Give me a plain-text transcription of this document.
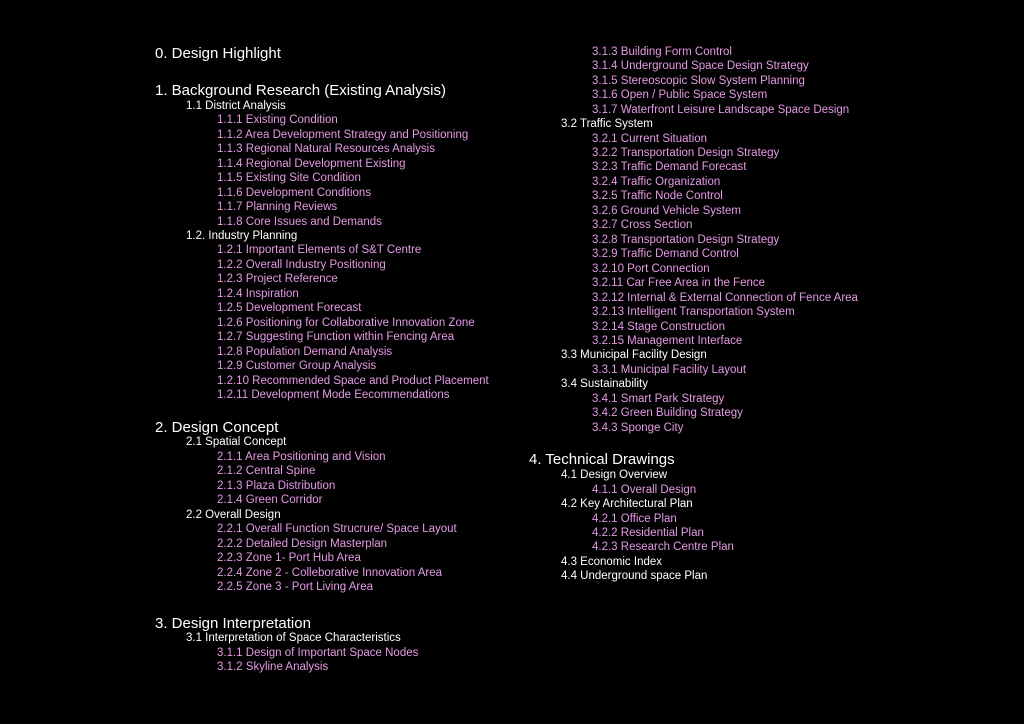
0. Design Highlight
1. Background Research (Existing Analysis)
1.1 District Analysis
1.1.1 Existing Condition
1.1.2 Area Development Strategy and Positioning
1.1.3 Regional Natural Resources Analysis
1.1.4 Regional Development Existing
1.1.5 Existing Site Condition
1.1.6 Development Conditions
1.1.7 Planning Reviews
1.1.8 Core Issues and Demands
1.2. Industry Planning
1.2.1 Important Elements of S&T Centre
1.2.2 Overall Industry Positioning
1.2.3 Project Reference
1.2.4 Inspiration
1.2.5 Development Forecast
1.2.6 Positioning for Collaborative Innovation Zone
1.2.7 Suggesting Function within Fencing Area
1.2.8 Population Demand Analysis
1.2.9 Customer Group Analysis
1.2.10 Recommended Space and Product Placement
1.2.11 Development Mode Eecommendations
2. Design Concept
2.1 Spatial Concept
2.1.1 Area Positioning and Vision
2.1.2 Central Spine
2.1.3 Plaza Distribution
2.1.4 Green Corridor
2.2 Overall Design
2.2.1 Overall Function Strucrure/ Space Layout
2.2.2 Detailed Design Masterplan
2.2.3 Zone 1- Port Hub Area
2.2.4 Zone 2 - Colleborative Innovation Area
2.2.5 Zone 3 - Port Living Area
3. Design Interpretation
3.1 Interpretation of Space Characteristics
3.1.1 Design of Important Space Nodes
3.1.2 Skyline Analysis
3.1.3 Building Form Control
3.1.4 Underground Space Design Strategy
3.1.5 Stereoscopic Slow System Planning
3.1.6 Open / Public Space System
3.1.7 Waterfront Leisure Landscape Space Design
3.2 Traffic System
3.2.1 Current Situation
3.2.2 Transportation Design Strategy
3.2.3 Traffic Demand Forecast
3.2.4 Traffic Organization
3.2.5 Traffic Node Control
3.2.6 Ground Vehicle System
3.2.7 Cross Section
3.2.8 Transportation Design Strategy
3.2.9 Traffic Demand Control
3.2.10 Port Connection
3.2.11 Car Free Area in the Fence
3.2.12 Internal & External Connection of Fence Area
3.2.13 Intelligent Transportation System
3.2.14 Stage Construction
3.2.15 Management Interface
3.3 Municipal Facility Design
3.3.1 Municipal Facility Layout
3.4 Sustainability
3.4.1 Smart Park Strategy
3.4.2 Green Building Strategy
3.4.3 Sponge City
4. Technical Drawings
4.1 Design Overview
4.1.1 Overall Design
4.2 Key Architectural Plan
4.2.1 Office Plan
4.2.2 Residential Plan
4.2.3 Research Centre Plan
4.3 Economic Index
4.4 Underground space Plan
